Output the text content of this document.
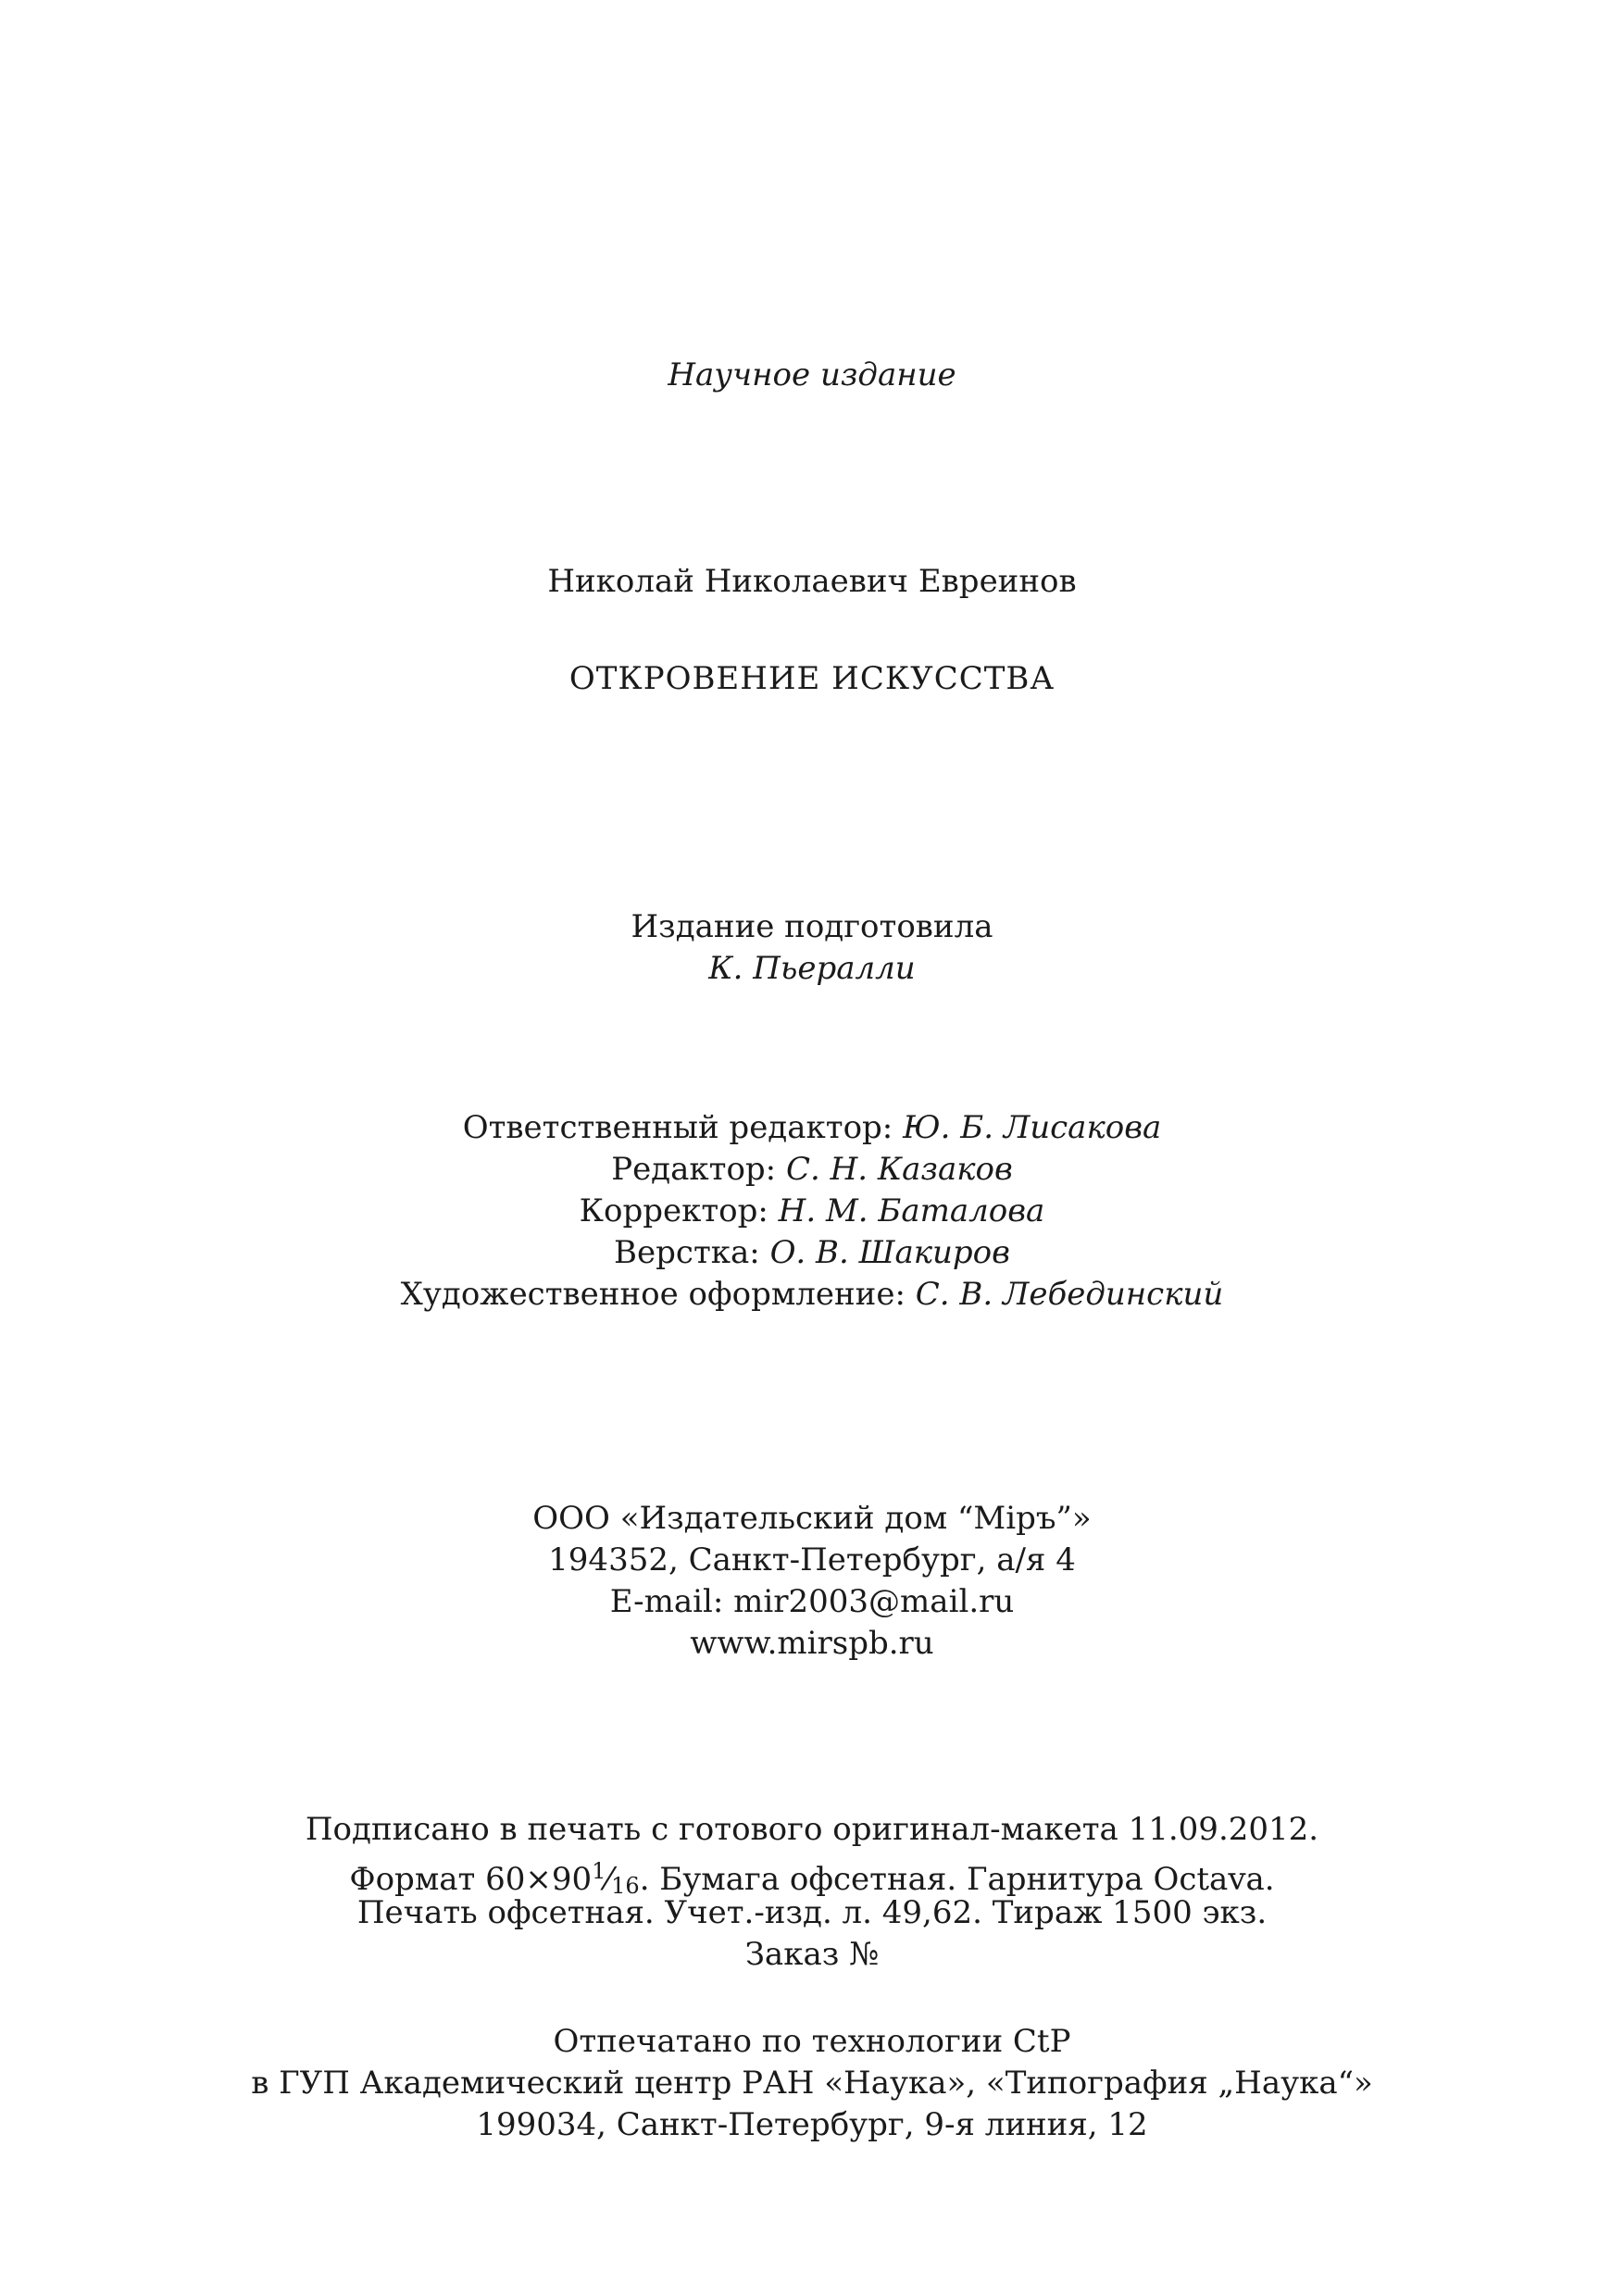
Научное издание
Николай Николаевич Евреинов
ОТКРОВЕНИЕ ИСКУССТВА
Издание подготовила
К. Пьералли
Ответственный редактор: Ю. Б. Лисакова
Редактор: С. Н. Казаков
Корректор: Н. М. Баталова
Верстка: О. В. Шакиров
Художественное оформление: С. В. Лебединский
ООО «Издательский дом “Міръ”»
194352, Санкт-Петербург, а/я 4
E-mail: mir2003@mail.ru
www.mirspb.ru
Подписано в печать с готового оригинал-макета 11.09.2012.
Формат $60\times 90^1⁄16$. Бумага офсетная. Гарнитура Octava.
Печать офсетная. Учет.-изд. л. 49,62. Тираж 1500 экз.
Заказ №
Отпечатано по технологии CtP
в ГУП Академический центр РАН «Наука», «Типография „Наука“»
199034, Санкт-Петербург, 9-я линия, 12
